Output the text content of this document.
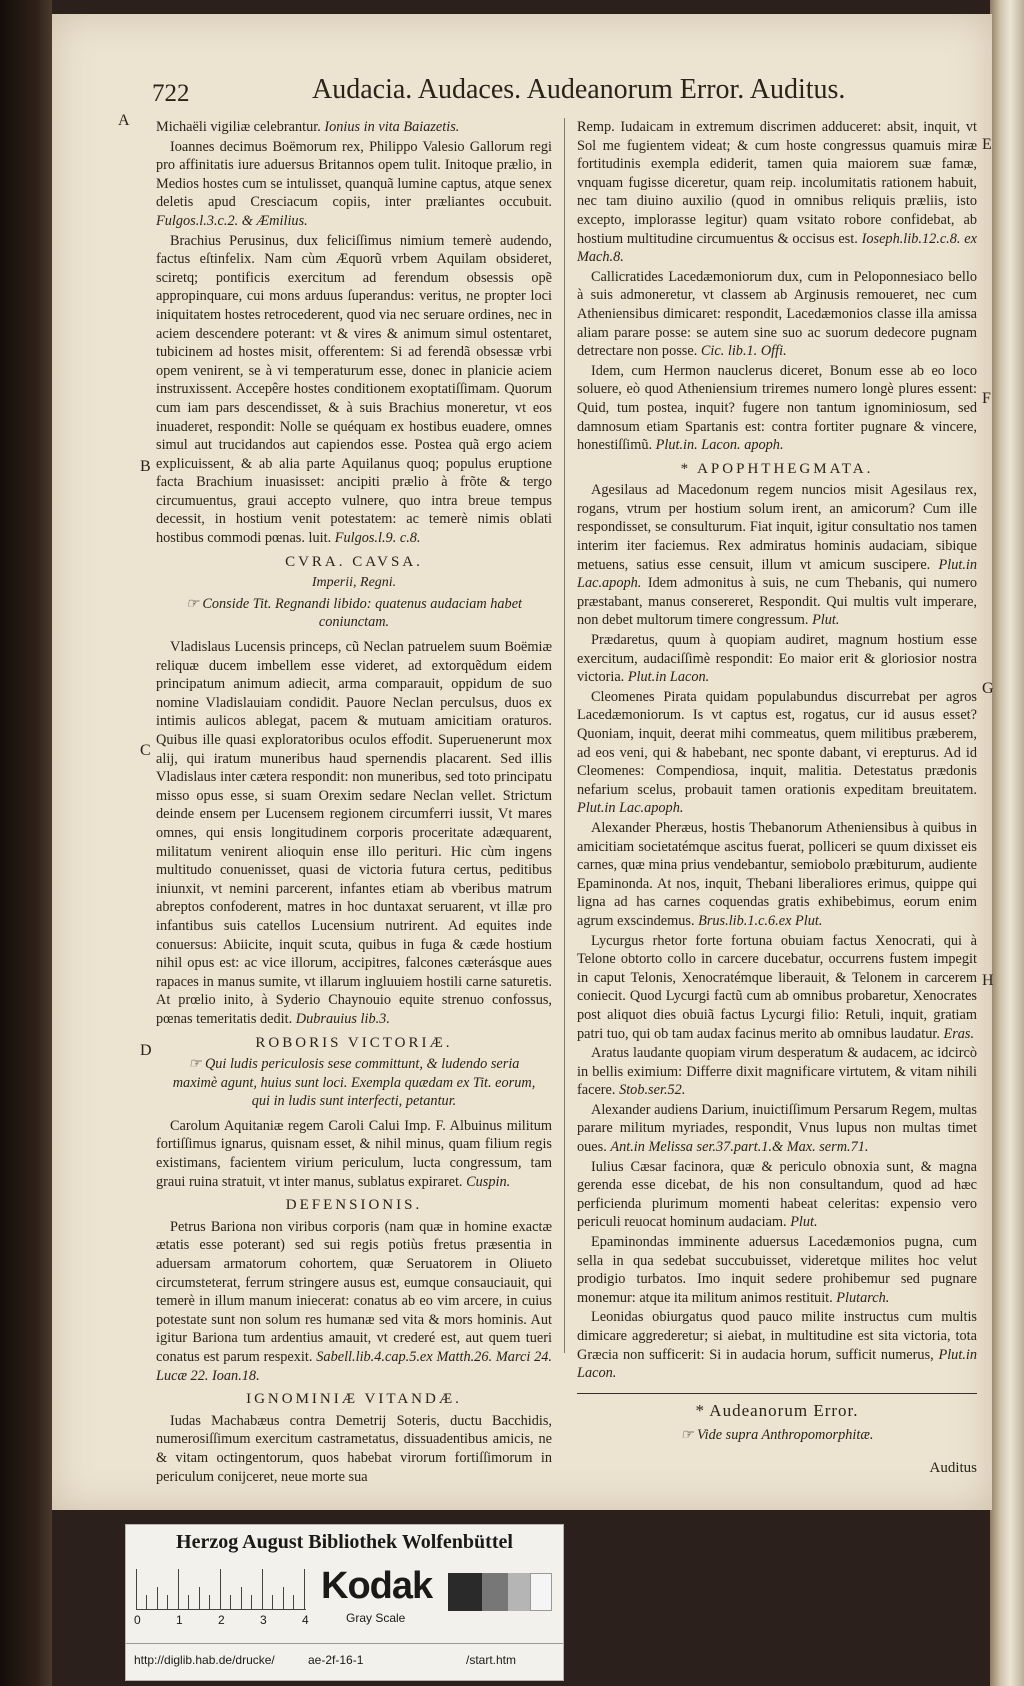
722	Audacia. Audaces. Audeanorum Error. Auditus.
A
B
C
D
E
F
G
H

Michaëli vigiliæ celebrantur. Ionius in vita Baiazetis.

Ioannes decimus Boëmorum rex, Philippo Valesio Gallorum regi pro affinitatis iure aduersus Britannos opem tulit. Initoque prælio, in Medios hostes cum se intulisset, quanquã lumine captus, atque senex deletis apud Cresciacum copiis, inter præliantes occubuit. Fulgos.l.3.c.2. & Æmilius.

Brachius Perusinus, dux feliciſſimus nimium temerè audendo, factus eſtinfelix. Nam cùm Æquorũ vrbem Aquilam obsideret, sciretq; pontificis exercitum ad ferendum obsessis opẽ appropinquare, cui mons arduus ſuperandus: veritus, ne propter loci iniquitatem hostes retrocederent, quod via nec seruare ordines, nec in aciem descendere poterant: vt & vires & animum simul ostentaret, tubicinem ad hostes misit, offerentem: Si ad ferendã obsessæ vrbi opem venirent, se à vi temperaturum esse, donec in planicie aciem instruxissent. Accepêre hostes conditionem exoptatiſſimam. Quorum cum iam pars descendisset, & à suis Brachius moneretur, vt eos inuaderet, respondit: Nolle se quéquam ex hostibus euadere, omnes simul aut trucidandos aut capiendos esse. Postea quã ergo aciem explicuissent, & ab alia parte Aquilanus quoq; populus eruptione facta Brachium inuasisset: ancipiti prælio à frõte & tergo circumuentus, graui accepto vulnere, quo intra breue tempus decessit, in hostium venit potestatem: ac temerè nimis oblati hostibus commodi pœnas. luit. Fulgos.l.9. c.8.

CVRA. CAVSA.
Imperii, Regni.
☞ Conside Tit. Regnandi libido: quatenus audaciam habet coniunctam.

Vladislaus Lucensis princeps, cũ Neclan patruelem suum Boëmiæ reliquæ ducem imbellem esse videret, ad extorquẽdum eidem principatum animum adiecit, arma comparauit, oppidum de suo nomine Vladislauiam condidit. Pauore Neclan perculsus, duos ex intimis aulicos ablegat, pacem & mutuam amicitiam oraturos. Quibus ille quasi exploratoribus oculos effodit. Superuenerunt mox alij, qui iratum muneribus haud spernendis placarent. Sed illis Vladislaus inter cætera respondit: non muneribus, sed toto principatu misso opus esse, si suam Orexim sedare Neclan vellet. Strictum deinde ensem per Lucensem regionem circumferri iussit, Vt mares omnes, qui ensis longitudinem corporis proceritate adæquarent, militatum venirent alioquin ense illo perituri. Hic cùm ingens multitudo conuenisset, quasi de victoria futura certus, peditibus iniunxit, vt nemini parcerent, infantes etiam ab vberibus matrum abreptos confoderent, matres in hoc duntaxat seruarent, vt illæ pro infantibus suis catellos Lucensium nutrirent. Ad equites inde conuersus: Abiicite, inquit scuta, quibus in fuga & cæde hostium nihil opus est: ac vice illorum, accipitres, falcones cæterásque aues rapaces in manus sumite, vt illarum ingluuiem hostili carne saturetis. At prœlio inito, à Syderio Chaynouio equite strenuo confossus, pœnas temeritatis dedit. Dubrauius lib.3.

ROBORIS VICTORIÆ.
☞ Qui ludis periculosis sese committunt, & ludendo seria maximè agunt, huius sunt loci. Exempla quædam ex Tit. eorum, qui in ludis sunt interfecti, petantur.

Carolum Aquitaniæ regem Caroli Calui Imp. F. Albuinus militum fortiſſimus ignarus, quisnam esset, & nihil minus, quam filium regis existimans, facientem virium periculum, lucta congressum, tam graui ruina stratuit, vt inter manus, sublatus expiraret. Cuspin.

DEFENSIONIS.

Petrus Bariona non viribus corporis (nam quæ in homine exactæ ætatis esse poterant) sed sui regis potiùs fretus præsentia in aduersam armatorum cohortem, quæ Seruatorem in Oliueto circumsteterat, ferrum stringere ausus est, eumque consauciauit, qui temerè in illum manum iniecerat: conatus ab eo vim arcere, in cuius potestate sunt non solum res humanæ sed vita & mors hominis. Aut igitur Bariona tum ardentius amauit, vt crederé est, aut quem tueri conatus est parum respexit. Sabell.lib.4.cap.5.ex Matth.26. Marci 24. Lucæ 22. Ioan.18.

IGNOMINIÆ VITANDÆ.

Iudas Machabæus contra Demetrij Soteris, ductu Bacchidis, numerosiſſimum exercitum castrametatus, dissuadentibus amicis, ne & vitam octingentorum, quos habebat virorum fortiſſimorum in periculum conijceret, neue morte sua

Remp. Iudaicam in extremum discrimen adduceret: absit, inquit, vt Sol me fugientem videat; & cum hoste congressus quamuis miræ fortitudinis exempla ediderit, tamen quia maiorem suæ famæ, vnquam fugisse diceretur, quam reip. incolumitatis rationem habuit, nec tam diuino auxilio (quod in omnibus reliquis præliis, isto excepto, implorasse legitur) quam vsitato robore confidebat, ab hostium multitudine circumuentus & occisus est. Ioseph.lib.12.c.8. ex Mach.8.

Callicratides Lacedæmoniorum dux, cum in Peloponnesiaco bello à suis admoneretur, vt classem ab Arginusis remoueret, nec cum Atheniensibus dimicaret: respondit, Lacedæmonios classe illa amissa aliam parare posse: se autem sine suo ac suorum dedecore pugnam detrectare non posse. Cic. lib.1. Offi.

Idem, cum Hermon nauclerus diceret, Bonum esse ab eo loco soluere, eò quod Atheniensium triremes numero longè plures essent: Quid, tum postea, inquit? fugere non tantum ignominiosum, sed damnosum etiam Spartanis est: contra fortiter pugnare & vincere, honestiſſimũ. Plut.in. Lacon. apoph.

* APOPHTHEGMATA.

Agesilaus ad Macedonum regem nuncios misit Agesilaus rex, rogans, vtrum per hostium solum irent, an amicorum? Cum ille respondisset, se consulturum. Fiat inquit, igitur consultatio nos tamen interim iter faciemus. Rex admiratus hominis audaciam, sibique metuens, satius esse censuit, illum vt amicum suscipere. Plut.in Lac.apoph. Idem admonitus à suis, ne cum Thebanis, qui numero præstabant, manus consereret, Respondit. Qui multis vult imperare, non debet multorum timere congressum. Plut.

Prædaretus, quum à quopiam audiret, magnum hostium esse exercitum, audaciſſimè respondit: Eo maior erit & gloriosior nostra victoria. Plut.in Lacon.

Cleomenes Pirata quidam populabundus discurrebat per agros Lacedæmoniorum. Is vt captus est, rogatus, cur id ausus esset? Quoniam, inquit, deerat mihi commeatus, quem militibus præberem, ad eos veni, qui & habebant, nec sponte dabant, vi erepturus. Ad id Cleomenes: Compendiosa, inquit, malitia. Detestatus prædonis nefarium scelus, probauit tamen orationis expeditam breuitatem. Plut.in Lac.apoph.

Alexander Pheræus, hostis Thebanorum Atheniensibus à quibus in amicitiam societatémque ascitus fuerat, polliceri se quum dixisset eis carnes, quæ mina prius vendebantur, semiobolo præbiturum, audiente Epaminonda. At nos, inquit, Thebani liberaliores erimus, quippe qui ligna ad has carnes coquendas gratis exhibebimus, eorum enim agrum exscindemus. Brus.lib.1.c.6.ex Plut.

Lycurgus rhetor forte fortuna obuiam factus Xenocrati, qui à Telone obtorto collo in carcere ducebatur, occurrens fustem impegit in caput Telonis, Xenocratémque liberauit, & Telonem in carcerem coniecit. Quod Lycurgi factũ cum ab omnibus probaretur, Xenocrates post aliquot dies obuiã factus Lycurgi filio: Retuli, inquit, gratiam patri tuo, qui ob tam audax facinus merito ab omnibus laudatur. Eras.

Aratus laudante quopiam virum desperatum & audacem, ac idcircò in bellis eximium: Differre dixit magnificare virtutem, & vitam nihili facere. Stob.ser.52.

Alexander audiens Darium, inuictiſſimum Persarum Regem, multas parare militum myriades, respondit, Vnus lupus non multas timet oues. Ant.in Melissa ser.37.part.1.& Max. serm.71.

Iulius Cæsar facinora, quæ & periculo obnoxia sunt, & magna gerenda esse dicebat, de his non consultandum, quod ad hæc perficienda plurimum momenti habeat celeritas: expensio vero periculi reuocat hominum audaciam. Plut.

Epaminondas imminente aduersus Lacedæmonios pugna, cum sella in qua sedebat succubuisset, videretque milites hoc velut prodigio turbatos. Imo inquit sedere prohibemur sed pugnare monemur: atque ita militum animos restituit. Plutarch.

Leonidas obiurgatus quod pauco milite instructus cum multis dimicare aggrederetur; si aiebat, in multitudine est sita victoria, tota Græcia non sufficerit: Si in audacia horum, sufficit numerus, Plut.in Lacon.

* Audeanorum Error.
☞ Vide supra Anthropomorphitæ.
Auditus
Herzog August Bibliothek Wolfenbüttel
0	1	2	3	4
Kodak
Gray Scale
http://diglib.hab.de/drucke/	ae-2f-16-1	/start.htm
